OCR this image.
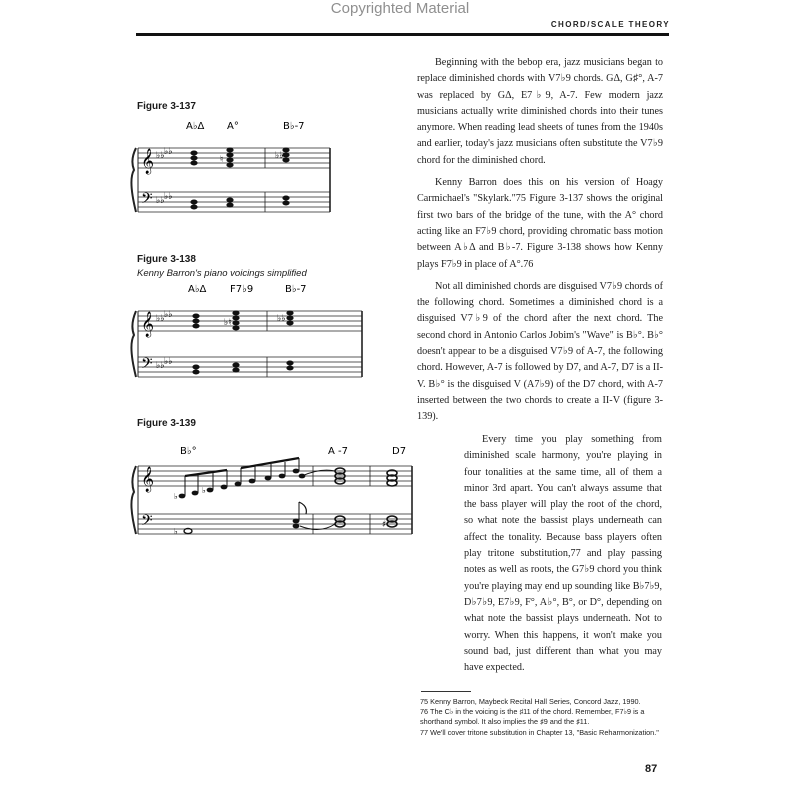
Copyrighted Material
CHORD/SCALE THEORY
Figure 3-137
Figure 3-138
Kenny Barron's piano voicings simplified
Figure 3-139
A♭Δ A°	B♭-7
𝄞
𝄢
♭♭ ♭♭
♭♭ ♭♭
♮	♭♭
A♭Δ F7♭9	B♭-7
𝄞
𝄢
♭♭ ♭♭
♭♭ ♭♭
♭♮	♭♭
B♭°	A -7	D7
𝄞
𝄢
♭
♭
♯
♭

Beginning with the bebop era, jazz musicians began to replace diminished chords with V7♭9 chords. GΔ, G♯°, A-7 was replaced by GΔ, E7♭9, A-7. Few modern jazz musicians actually write diminished chords into their tunes anymore. When reading lead sheets of tunes from the 1940s and earlier, today's jazz musicians often substitute the V7♭9 chord for the diminished chord.

Kenny Barron does this on his version of Hoagy Carmichael's "Skylark."75 Figure 3-137 shows the original first two bars of the bridge of the tune, with the A° chord acting like an F7♭9 chord, providing chromatic bass motion between A♭Δ and B♭-7. Figure 3-138 shows how Kenny plays F7♭9 in place of A°.76

Not all diminished chords are disguised V7♭9 chords of the following chord. Sometimes a diminished chord is a disguised V7♭9 of the chord after the next chord. The second chord in Antonio Carlos Jobim's "Wave" is B♭°. B♭° doesn't appear to be a disguised V7♭9 of A-7, the following chord. However, A-7 is followed by D7, and A-7, D7 is a II-V. B♭° is the disguised V (A7♭9) of the D7 chord, with A-7 inserted between the two chords to create a II-V (figure 3-139).

Every time you play something from diminished scale harmony, you're playing in four tonalities at the same time, all of them a minor 3rd apart. You can't always assume that the bass player will play the root of the chord, so what note the bassist plays underneath can affect the tonality. Because bass players often play tritone substitution,77 and play passing notes as well as roots, the G7♭9 chord you think you're playing may end up sounding like B♭7♭9, D♭7♭9, E7♭9, F°, A♭°, B°, or D°, depending on what note the bassist plays underneath. Not to worry. When this happens, it won't make you sound bad, just different than what you may have expected.

75 Kenny Barron, Maybeck Recital Hall Series, Concord Jazz, 1990.
76 The C♭ in the voicing is the ♯11 of the chord. Remember, F7♭9 is a shorthand symbol. It also implies the ♯9 and the ♯11.
77 We'll cover tritone substitution in Chapter 13, "Basic Reharmonization."
87
